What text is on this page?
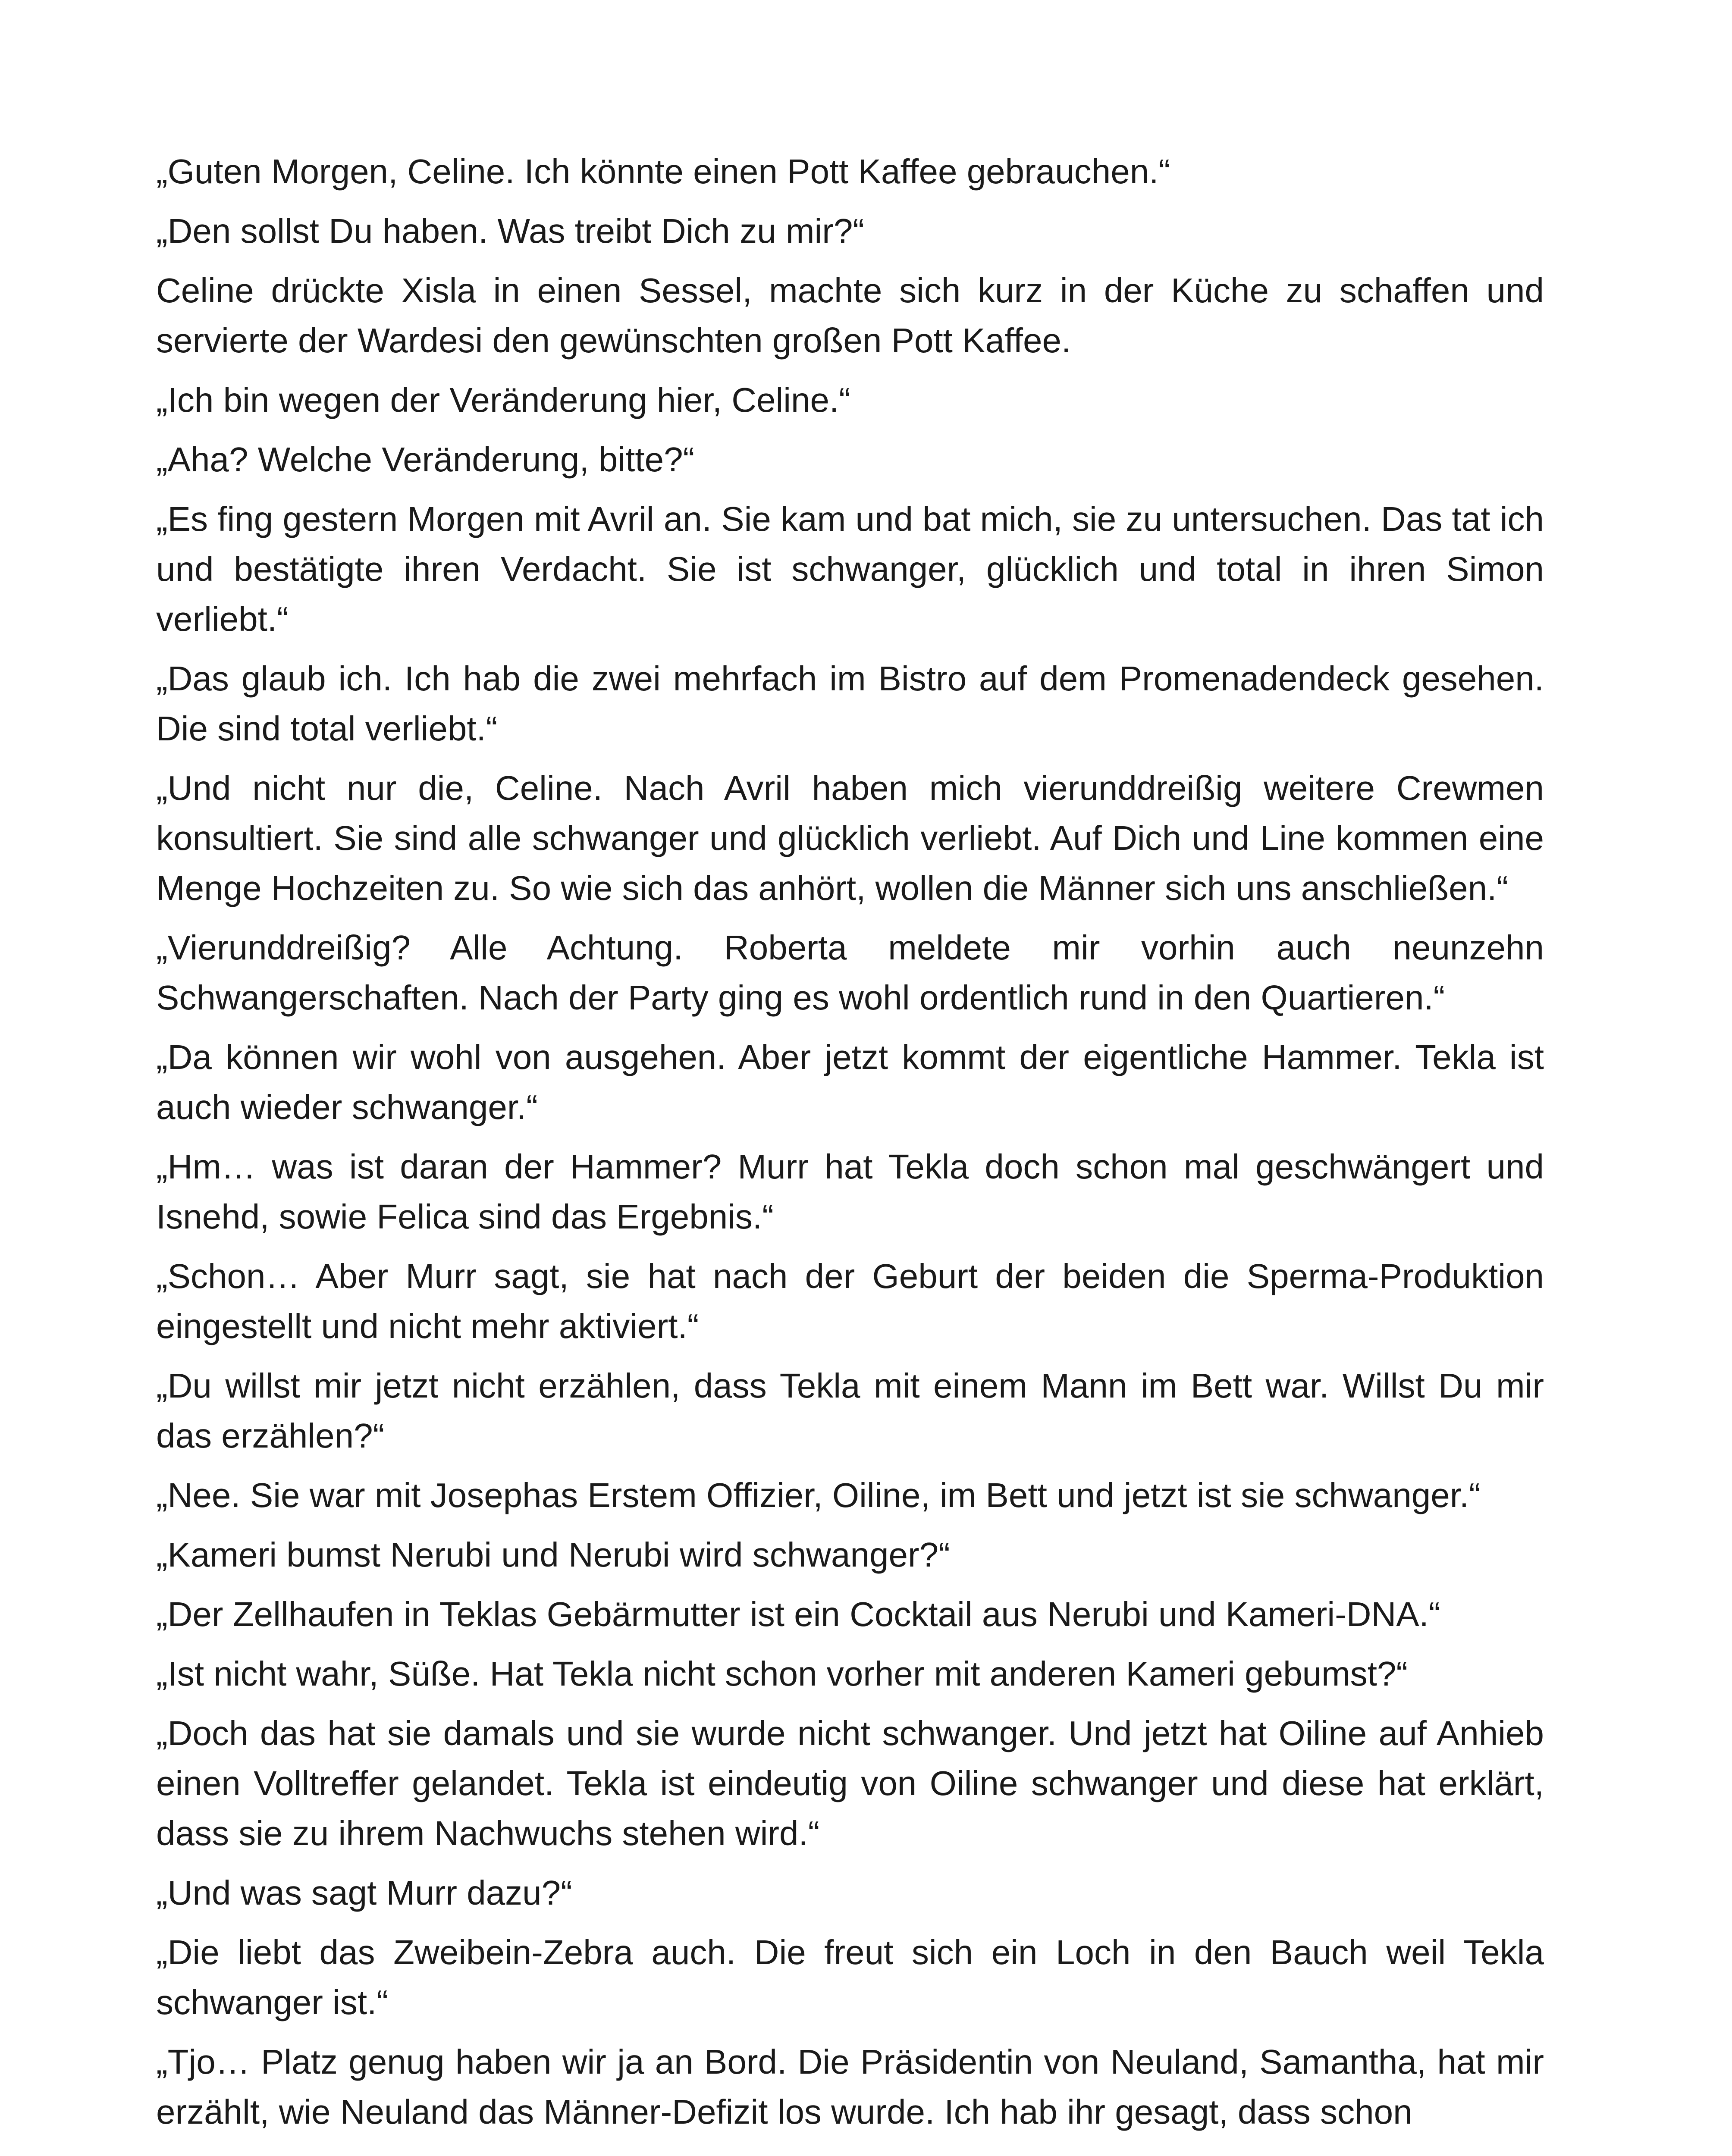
„Guten Morgen, Celine. Ich könnte einen Pott Kaffee gebrauchen.“

„Den sollst Du haben. Was treibt Dich zu mir?“

Celine drückte Xisla in einen Sessel, machte sich kurz in der Küche zu schaffen und servierte der Wardesi den gewünschten großen Pott Kaffee.

„Ich bin wegen der Veränderung hier, Celine.“

„Aha? Welche Veränderung, bitte?“

„Es fing gestern Morgen mit Avril an. Sie kam und bat mich, sie zu untersuchen. Das tat ich und bestätigte ihren Verdacht. Sie ist schwanger, glücklich und total in ihren Simon verliebt.“

„Das glaub ich. Ich hab die zwei mehrfach im Bistro auf dem Promenadendeck gesehen. Die sind total verliebt.“

„Und nicht nur die, Celine. Nach Avril haben mich vierunddreißig weitere Crewmen konsultiert. Sie sind alle schwanger und glücklich verliebt. Auf Dich und Line kommen eine Menge Hochzeiten zu. So wie sich das anhört, wollen die Männer sich uns anschließen.“

„Vierunddreißig? Alle Achtung. Roberta meldete mir vorhin auch neunzehn Schwangerschaften. Nach der Party ging es wohl ordentlich rund in den Quartieren.“

„Da können wir wohl von ausgehen. Aber jetzt kommt der eigentliche Hammer. Tekla ist auch wieder schwanger.“

„Hm… was ist daran der Hammer? Murr hat Tekla doch schon mal geschwängert und Isnehd, sowie Felica sind das Ergebnis.“

„Schon… Aber Murr sagt, sie hat nach der Geburt der beiden die Sperma-Produktion eingestellt und nicht mehr aktiviert.“

„Du willst mir jetzt nicht erzählen, dass Tekla mit einem Mann im Bett war. Willst Du mir das erzählen?“

„Nee. Sie war mit Josephas Erstem Offizier, Oiline, im Bett und jetzt ist sie schwanger.“

„Kameri bumst Nerubi und Nerubi wird schwanger?“

„Der Zellhaufen in Teklas Gebärmutter ist ein Cocktail aus Nerubi und Kameri-DNA.“

„Ist nicht wahr, Süße. Hat Tekla nicht schon vorher mit anderen Kameri gebumst?“

„Doch das hat sie damals und sie wurde nicht schwanger. Und jetzt hat Oiline auf Anhieb einen Volltreffer gelandet. Tekla ist eindeutig von Oiline schwanger und diese hat erklärt, dass sie zu ihrem Nachwuchs stehen wird.“

„Und was sagt Murr dazu?“

„Die liebt das Zweibein-Zebra auch. Die freut sich ein Loch in den Bauch weil Tekla schwanger ist.“

„Tjo… Platz genug haben wir ja an Bord. Die Präsidentin von Neuland, Samantha, hat mir erzählt, wie Neuland das Männer-Defizit los wurde. Ich hab ihr gesagt, dass schon
